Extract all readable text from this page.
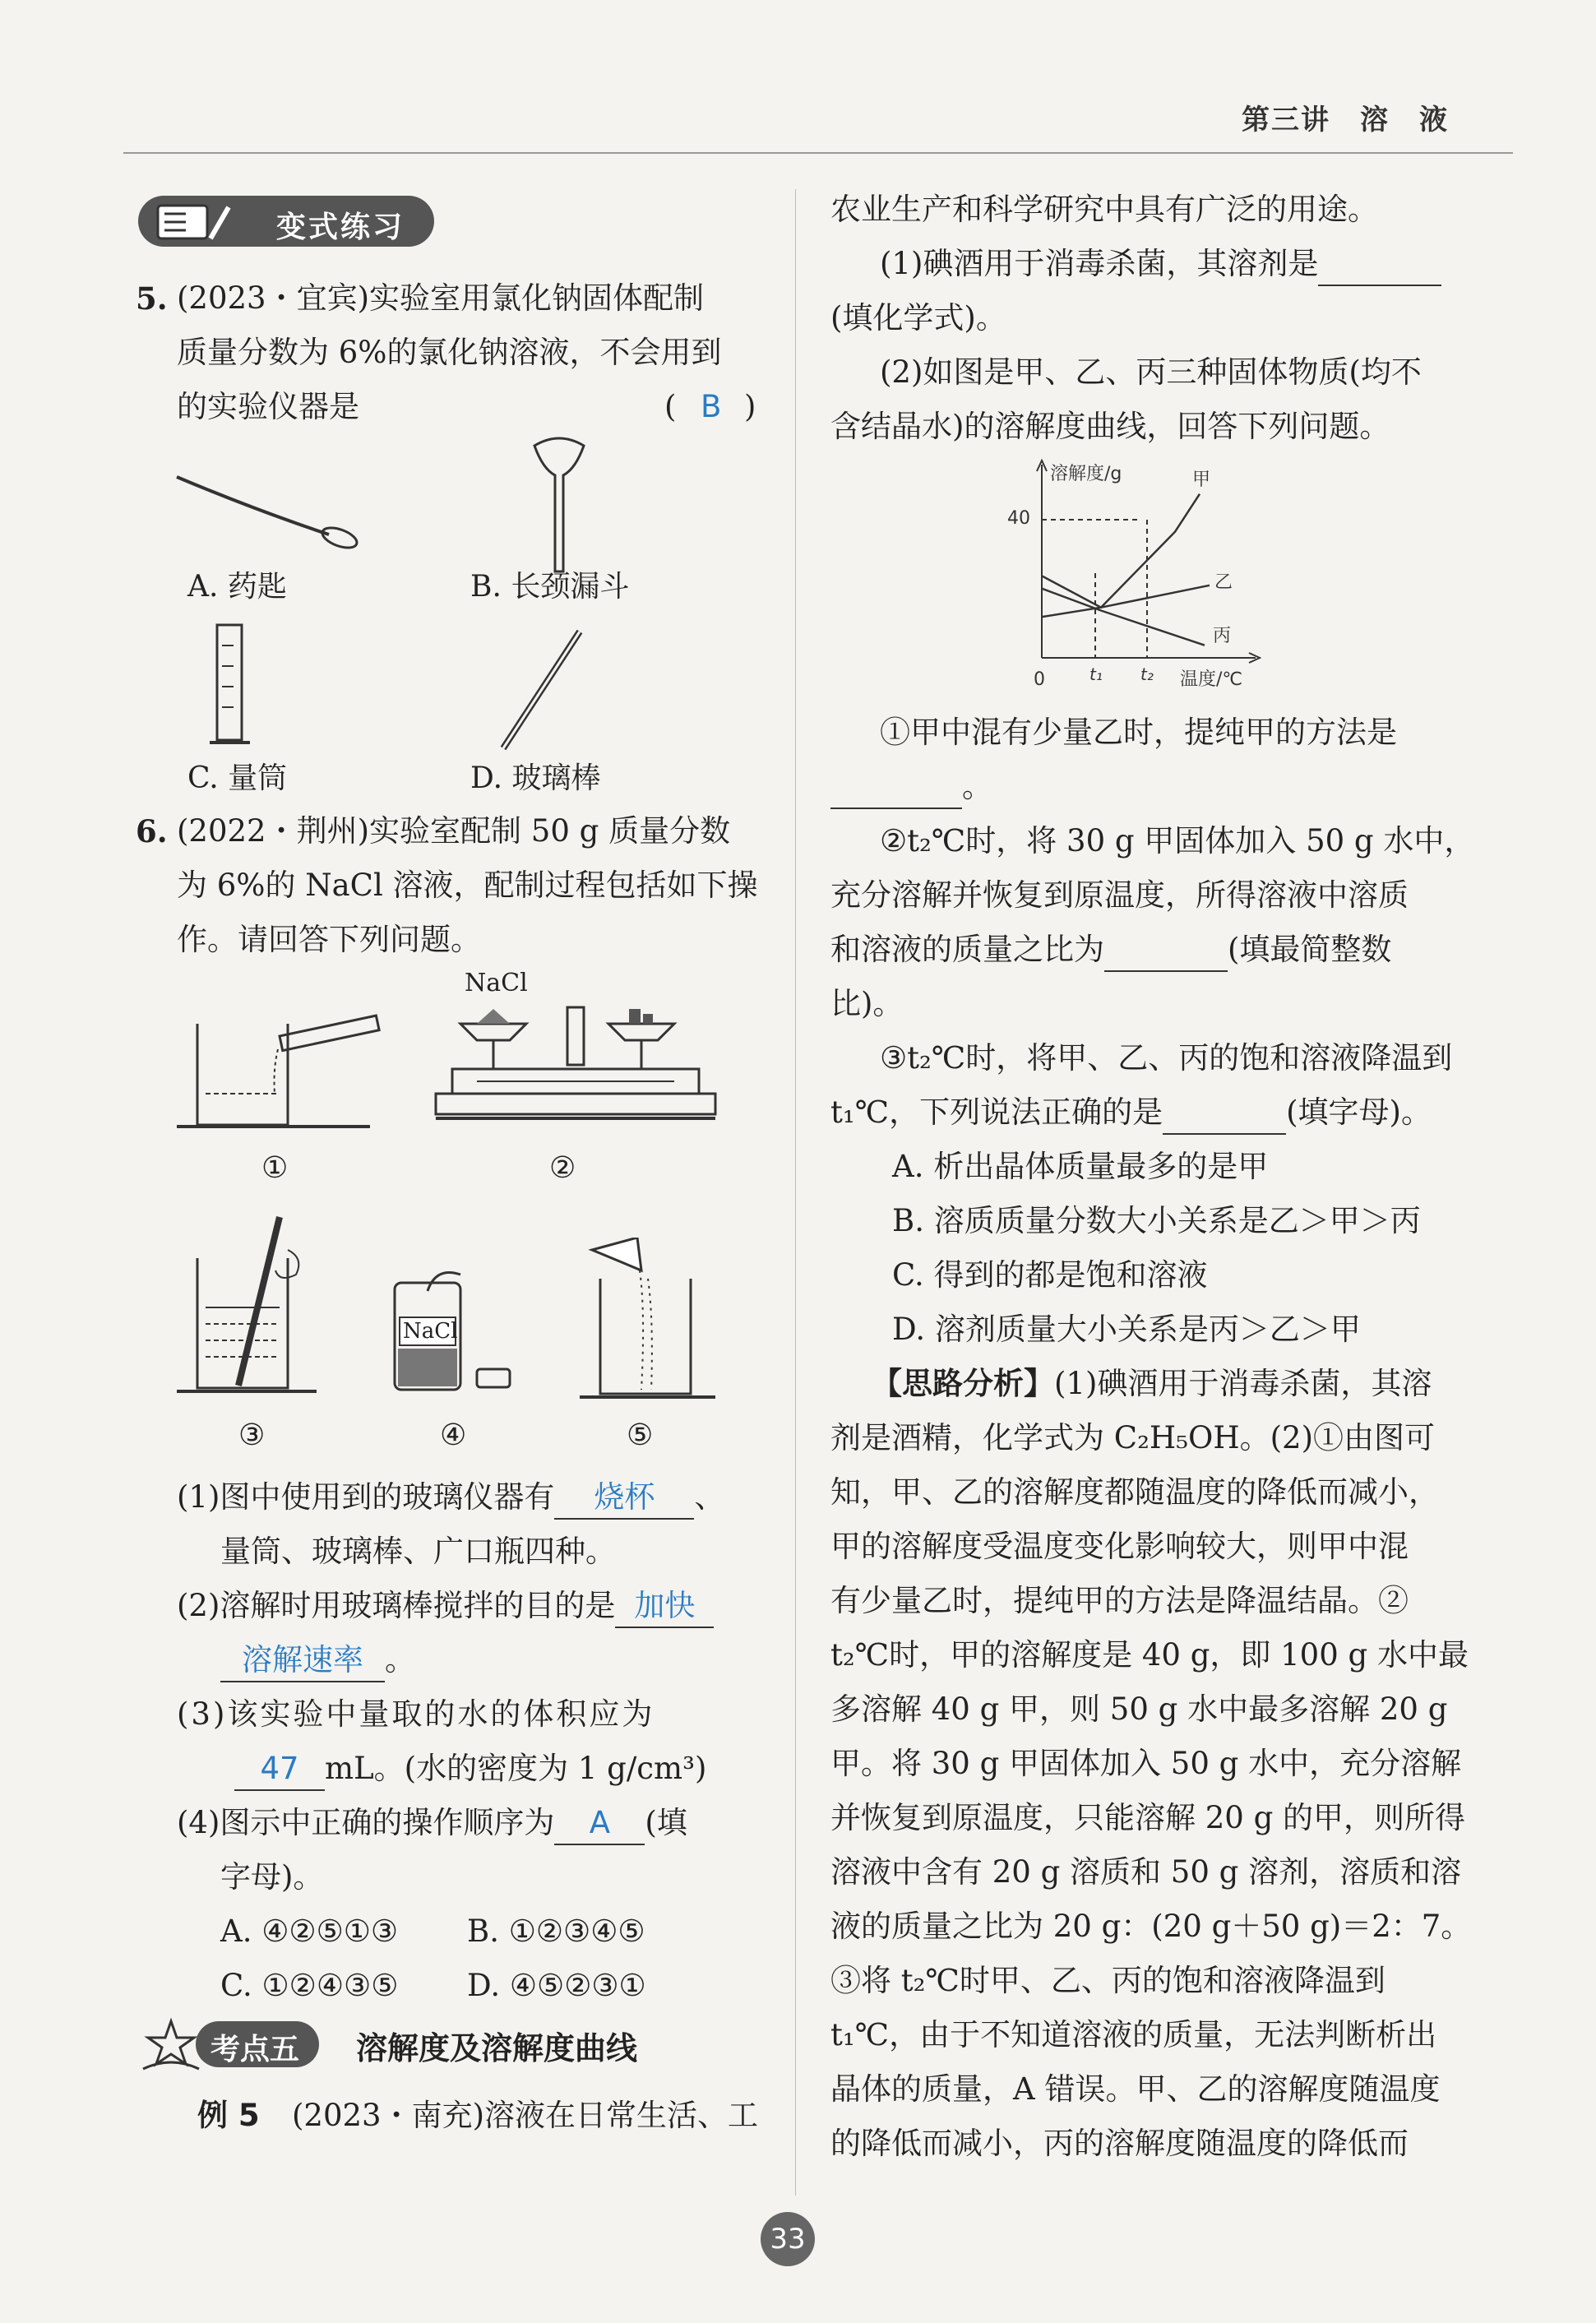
第三讲　溶　液
变式练习
5. (2023・宜宾)实验室用氯化钠固体配制
质量分数为 6%的氯化钠溶液，不会用到
的实验仪器是	( B )
A. 药匙	B. 长颈漏斗
C. 量筒	D. 玻璃棒
6. (2022・荆州)实验室配制 50 g 质量分数
为 6%的 NaCl 溶液，配制过程包括如下操
作。请回答下列问题。
①
NaCl
②
③
NaCl
④	⑤
(1)图中使用到的玻璃仪器有 烧杯 、
量筒、玻璃棒、广口瓶四种。
(2)溶解时用玻璃棒搅拌的目的是 加快
溶解速率 。
(3)该实验中量取的水的体积应为
47 mL。(水的密度为 1 g/cm³)
(4)图示中正确的操作顺序为 A (填
字母)。
A. ④②⑤①③ B. ①②③④⑤
C. ①②④③⑤ D. ④⑤②③①
考点五 溶解度及溶解度曲线
例 5 (2023・南充)溶液在日常生活、工
农业生产和科学研究中具有广泛的用途。
(1)碘酒用于消毒杀菌，其溶剂是
(填化学式)。
(2)如图是甲、乙、丙三种固体物质(均不
含结晶水)的溶解度曲线，回答下列问题。
溶解度/g
温度/℃
0
40
t₁ t₂
甲
乙
丙
①甲中混有少量乙时，提纯甲的方法是
。
②t₂℃时，将 30 g 甲固体加入 50 g 水中，
充分溶解并恢复到原温度，所得溶液中溶质
和溶液的质量之比为	(填最简整数
比)。
③t₂℃时，将甲、乙、丙的饱和溶液降温到
t₁℃，下列说法正确的是	(填字母)。
A. 析出晶体质量最多的是甲
B. 溶质质量分数大小关系是乙＞甲＞丙
C. 得到的都是饱和溶液
D. 溶剂质量大小关系是丙＞乙＞甲
【思路分析】(1)碘酒用于消毒杀菌，其溶
剂是酒精，化学式为 C₂H₅OH。(2)①由图可
知，甲、乙的溶解度都随温度的降低而减小，
甲的溶解度受温度变化影响较大，则甲中混
有少量乙时，提纯甲的方法是降温结晶。②
t₂℃时，甲的溶解度是 40 g，即 100 g 水中最
多溶解 40 g 甲，则 50 g 水中最多溶解 20 g
甲。将 30 g 甲固体加入 50 g 水中，充分溶解
并恢复到原温度，只能溶解 20 g 的甲，则所得
溶液中含有 20 g 溶质和 50 g 溶剂，溶质和溶
液的质量之比为 20 g：(20 g＋50 g)＝2：7。
③将 t₂℃时甲、乙、丙的饱和溶液降温到
t₁℃，由于不知道溶液的质量，无法判断析出
晶体的质量，A 错误。甲、乙的溶解度随温度
的降低而减小，丙的溶解度随温度的降低而
33
